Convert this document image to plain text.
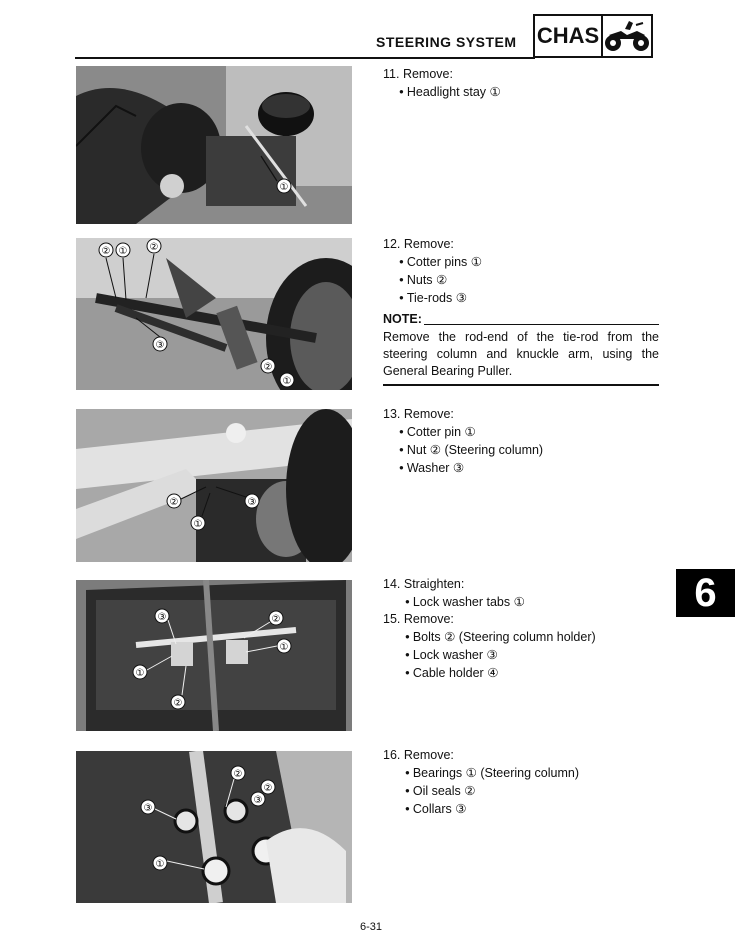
STEERING SYSTEM CHAS
①
② ① ②
③
②
①
②	③
①
③
①
②
①
②
②
③
②
③
①

11. Remove:

● Headlight stay ①

12. Remove:

● Cotter pins ①

● Nuts ②

● Tie-rods ③

NOTE:

Remove the rod-end of the tie-rod from the steering column and knuckle arm, using the General Bearing Puller.

13. Remove:

● Cotter pin ①

● Nut ② (Steering column)

● Washer ③

14. Straighten:

● Lock washer tabs ①

15. Remove:

● Bolts ② (Steering column holder)

● Lock washer ③

● Cable holder ④

16. Remove:

● Bearings ① (Steering column)

● Oil seals ②

● Collars ③

6
6-31
